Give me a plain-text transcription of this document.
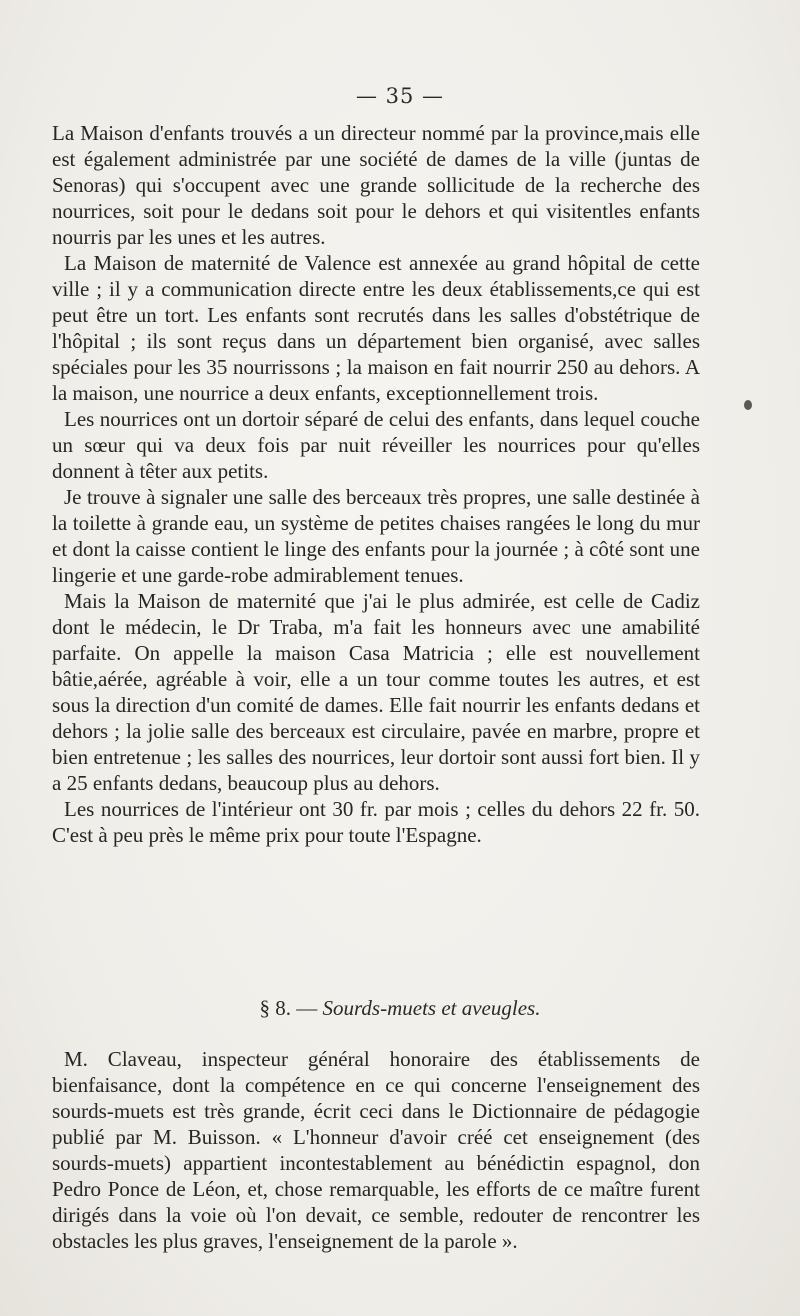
— 35 —

La Maison d'enfants trouvés a un directeur nommé par la province,mais elle est également administrée par une société de dames de la ville (juntas de Senoras) qui s'occupent avec une grande sollicitude de la recherche des nourrices, soit pour le dedans soit pour le dehors et qui visitentles enfants nourris par les unes et les autres.

La Maison de maternité de Valence est annexée au grand hôpital de cette ville ; il y a communication directe entre les deux établissements,ce qui est peut être un tort. Les enfants sont recrutés dans les salles d'obstétrique de l'hôpital ; ils sont reçus dans un département bien organisé, avec salles spéciales pour les 35 nourrissons ; la maison en fait nourrir 250 au dehors. A la maison, une nourrice a deux enfants, exceptionnellement trois.

Les nourrices ont un dortoir séparé de celui des enfants, dans lequel couche un sœur qui va deux fois par nuit réveiller les nourrices pour qu'elles donnent à têter aux petits.

Je trouve à signaler une salle des berceaux très propres, une salle destinée à la toilette à grande eau, un système de petites chaises rangées le long du mur et dont la caisse contient le linge des enfants pour la journée ; à côté sont une lingerie et une garde-robe admirablement tenues.

Mais la Maison de maternité que j'ai le plus admirée, est celle de Cadiz dont le médecin, le Dr Traba, m'a fait les honneurs avec une amabilité parfaite. On appelle la maison Casa Matricia ; elle est nouvellement bâtie,aérée, agréable à voir, elle a un tour comme toutes les autres, et est sous la direction d'un comité de dames. Elle fait nourrir les enfants dedans et dehors ; la jolie salle des berceaux est circulaire, pavée en marbre, propre et bien entretenue ; les salles des nourrices, leur dortoir sont aussi fort bien. Il y a 25 enfants dedans, beaucoup plus au dehors.

Les nourrices de l'intérieur ont 30 fr. par mois ; celles du dehors 22 fr. 50. C'est à peu près le même prix pour toute l'Espagne.

§ 8. — Sourds-muets et aveugles.

M. Claveau, inspecteur général honoraire des établissements de bienfaisance, dont la compétence en ce qui concerne l'enseignement des sourds-muets est très grande, écrit ceci dans le Dictionnaire de pédagogie publié par M. Buisson. « L'honneur d'avoir créé cet enseignement (des sourds-muets) appartient incontestablement au bénédictin espagnol, don Pedro Ponce de Léon, et, chose remarquable, les efforts de ce maître furent dirigés dans la voie où l'on devait, ce semble, redouter de rencontrer les obstacles les plus graves, l'enseignement de la parole ».
